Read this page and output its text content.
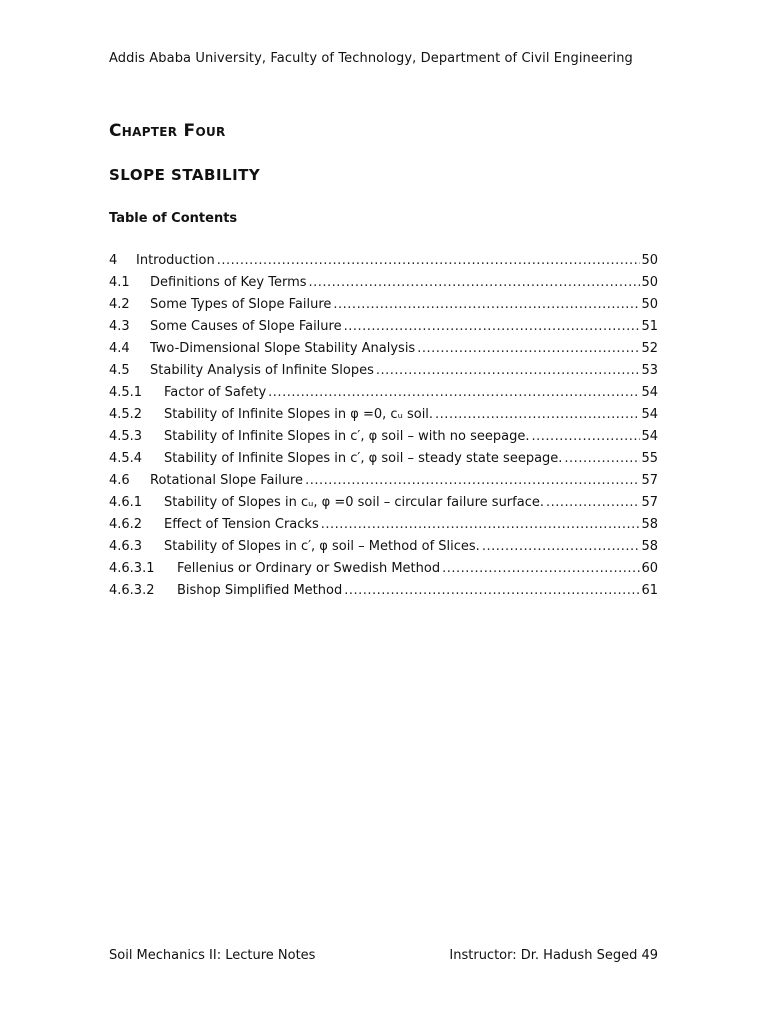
Addis Ababa University, Faculty of Technology, Department of Civil Engineering
Chapter Four
SLOPE STABILITY
Table of Contents
4	Introduction .....	50
4.1	Definitions of Key Terms .....	50
4.2	Some Types of Slope Failure .....	50
4.3	Some Causes of Slope Failure .....	51
4.4	Two-Dimensional Slope Stability Analysis .....	52
4.5	Stability Analysis of Infinite Slopes .....	53
4.5.1	Factor of Safety .....	54
4.5.2	Stability of Infinite Slopes in φ =0, cᵤ soil. .....	54
4.5.3	Stability of Infinite Slopes in c′, φ soil – with no seepage. .....	54
4.5.4	Stability of Infinite Slopes in c′, φ soil – steady state seepage. .....	55
4.6	Rotational Slope Failure .....	57
4.6.1	Stability of Slopes in cᵤ, φ =0 soil – circular failure surface. .....	57
4.6.2	Effect of Tension Cracks .....	58
4.6.3	Stability of Slopes in c′, φ soil – Method of Slices. .....	58
4.6.3.1	Fellenius or Ordinary or Swedish Method .....	60
4.6.3.2	Bishop Simplified Method .....	61
Soil Mechanics II: Lecture Notes	Instructor: Dr. Hadush Seged 49
